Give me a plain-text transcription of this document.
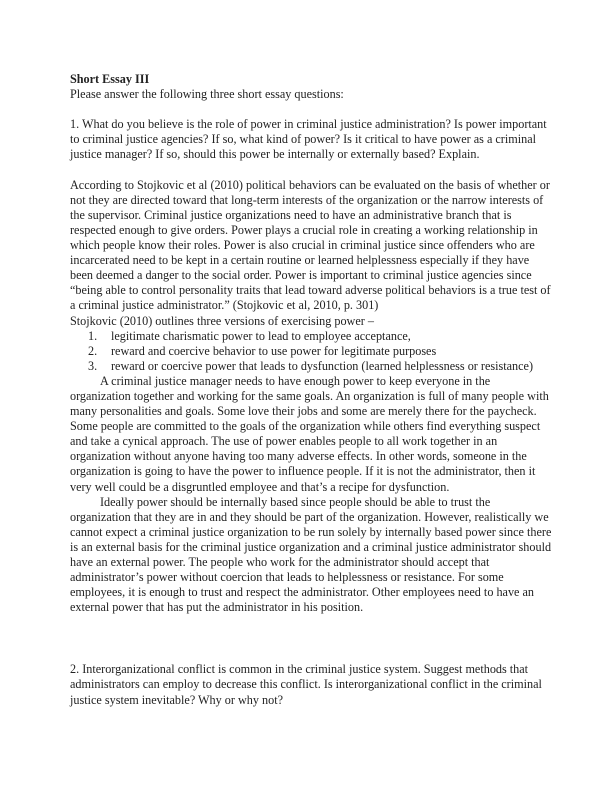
Short Essay III

Please answer the following three short essay questions:

1. What do you believe is the role of power in criminal justice administration? Is power important to criminal justice agencies? If so, what kind of power? Is it critical to have power as a criminal justice manager? If so, should this power be internally or externally based? Explain.

According to Stojkovic et al (2010) political behaviors can be evaluated on the basis of whether or not they are directed toward that long-term interests of the organization or the narrow interests of the supervisor. Criminal justice organizations need to have an administrative branch that is respected enough to give orders. Power plays a crucial role in creating a working relationship in which people know their roles. Power is also crucial in criminal justice since offenders who are incarcerated need to be kept in a certain routine or learned helplessness especially if they have been deemed a danger to the social order. Power is important to criminal justice agencies since “being able to control personality traits that lead toward adverse political behaviors is a true test of a criminal justice administrator.” (Stojkovic et al, 2010, p. 301)

Stojkovic (2010) outlines three versions of exercising power –

1. legitimate charismatic power to lead to employee acceptance,
2. reward and coercive behavior to use power for legitimate purposes
3. reward or coercive power that leads to dysfunction (learned helplessness or resistance)

A criminal justice manager needs to have enough power to keep everyone in the organization together and working for the same goals. An organization is full of many people with many personalities and goals. Some love their jobs and some are merely there for the paycheck. Some people are committed to the goals of the organization while others find everything suspect and take a cynical approach. The use of power enables people to all work together in an organization without anyone having too many adverse effects. In other words, someone in the organization is going to have the power to influence people. If it is not the administrator, then it very well could be a disgruntled employee and that’s a recipe for dysfunction.

Ideally power should be internally based since people should be able to trust the organization that they are in and they should be part of the organization. However, realistically we cannot expect a criminal justice organization to be run solely by internally based power since there is an external basis for the criminal justice organization and a criminal justice administrator should have an external power. The people who work for the administrator should accept that administrator’s power without coercion that leads to helplessness or resistance. For some employees, it is enough to trust and respect the administrator. Other employees need to have an external power that has put the administrator in his position.

2. Interorganizational conflict is common in the criminal justice system. Suggest methods that administrators can employ to decrease this conflict. Is interorganizational conflict in the criminal justice system inevitable? Why or why not?
